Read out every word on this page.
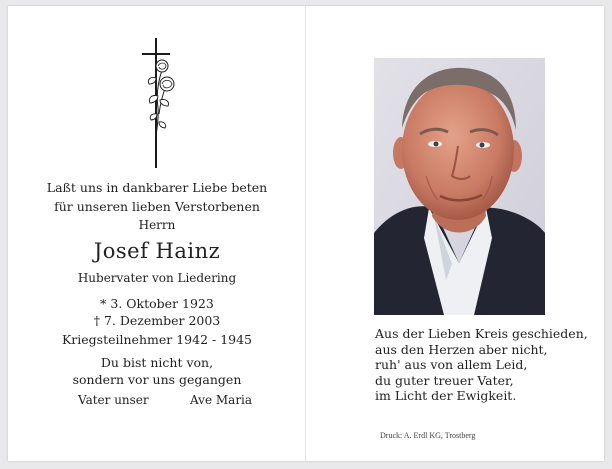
Laßt uns in dankbarer Liebe beten
für unseren lieben Verstorbenen
Herrn
Josef Hainz
Hubervater von Liedering
* 3. Oktober 1923
† 7. Dezember 2003
Kriegsteilnehmer 1942 - 1945
Du bist nicht von,
sondern vor uns gegangen
Vater unser	Ave Maria
Aus der Lieben Kreis geschieden,
aus den Herzen aber nicht,
ruh' aus von allem Leid,
du guter treuer Vater,
im Licht der Ewigkeit.
Druck: A. Erdl KG, Trostberg
